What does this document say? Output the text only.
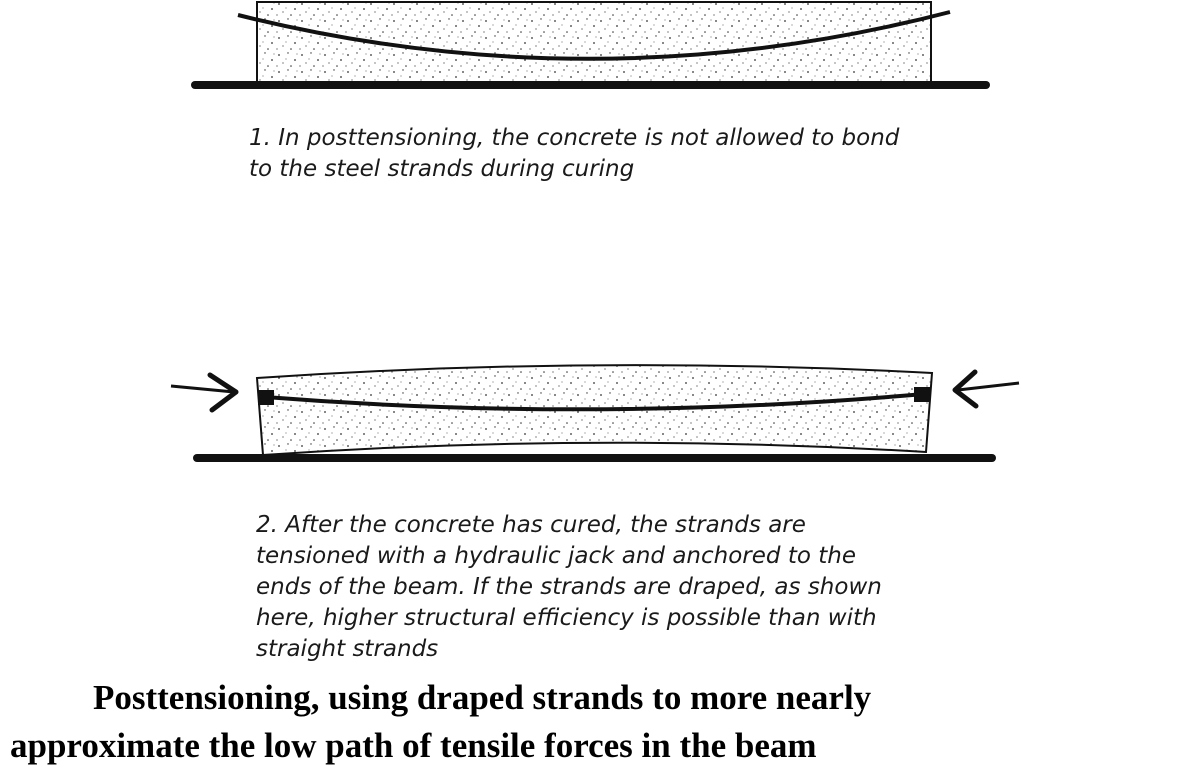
1. In posttensioning, the concrete is not allowed to bond
to the steel strands during curing
2. After the concrete has cured, the strands are
tensioned with a hydraulic jack and anchored to the
ends of the beam. If the strands are draped, as shown
here, higher structural efficiency is possible than with
straight strands
Posttensioning, using draped strands to more nearly
approximate the low path of tensile forces in the beam
